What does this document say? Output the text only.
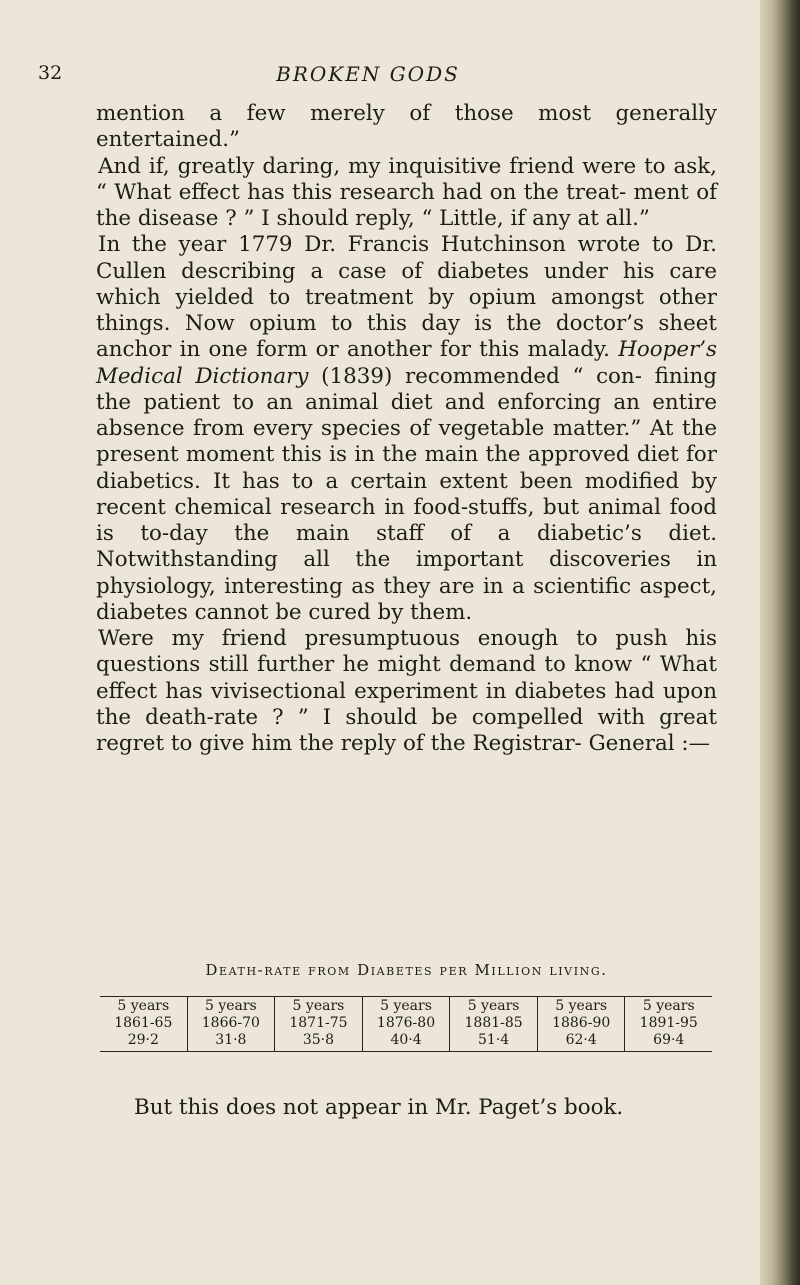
32	BROKEN GODS

mention a few merely of those most generally entertained.”

And if, greatly daring, my inquisitive friend were to ask, “ What effect has this research had on the treat- ment of the disease ? ” I should reply, “ Little, if any at all.”

In the year 1779 Dr. Francis Hutchinson wrote to Dr. Cullen describing a case of diabetes under his care which yielded to treatment by opium amongst other things. Now opium to this day is the doctor’s sheet anchor in one form or another for this malady. Hooper’s Medical Dictionary (1839) recommended “ con- fining the patient to an animal diet and enforcing an entire absence from every species of vegetable matter.” At the present moment this is in the main the approved diet for diabetics. It has to a certain extent been modified by recent chemical research in food-stuffs, but animal food is to-day the main staff of a diabetic’s diet. Notwithstanding all the important discoveries in physiology, interesting as they are in a scientific aspect, diabetes cannot be cured by them.

Were my friend presumptuous enough to push his questions still further he might demand to know “ What effect has vivisectional experiment in diabetes had upon the death-rate ? ” I should be compelled with great regret to give him the reply of the Registrar- General :—

Death-rate from Diabetes per Million living.
5 years
1861-65
29·2
5 years
1866-70
31·8
5 years
1871-75
35·8
5 years
1876-80
40·4
5 years
1881-85
51·4
5 years
1886-90
62·4
5 years
1891-95
69·4
But this does not appear in Mr. Paget’s book.
